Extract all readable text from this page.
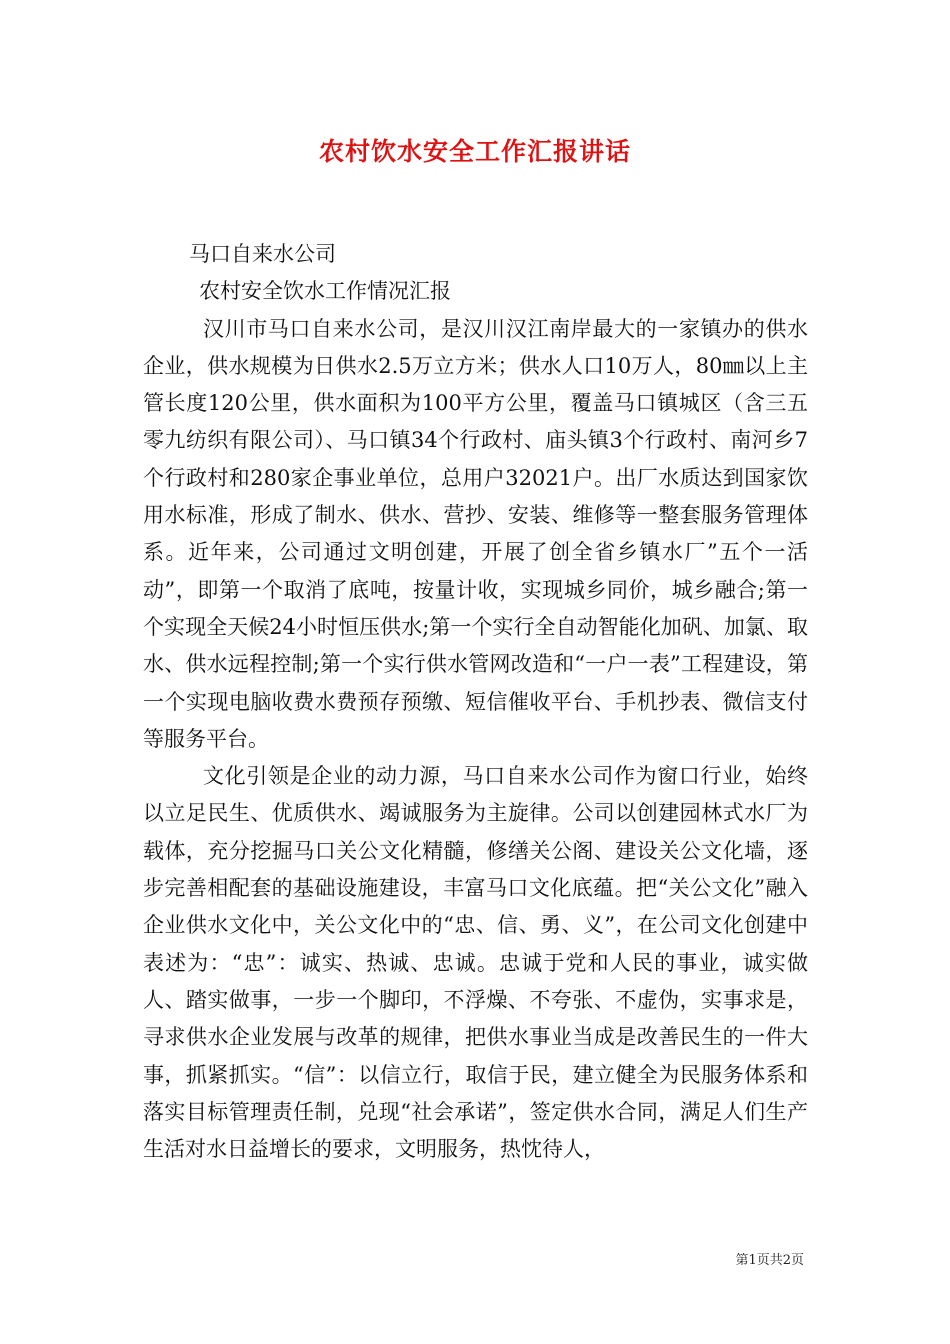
农村饮水安全工作汇报讲话

马口自来水公司

农村安全饮水工作情况汇报

汉川市马口自来水公司，是汉川汉江南岸最大的一家镇办的供水企业，供水规模为日供水2.5万立方米；供水人口10万人，80㎜以上主管长度120公里，供水面积为100平方公里，覆盖马口镇城区（含三五零九纺织有限公司）、马口镇34个行政村、庙头镇3个行政村、南河乡7个行政村和280家企事业单位，总用户32021户。出厂水质达到国家饮用水标准，形成了制水、供水、营抄、安装、维修等一整套服务管理体系。近年来，公司通过文明创建，开展了创全省乡镇水厂”五个一活动”，即第一个取消了底吨，按量计收，实现城乡同价，城乡融合;第一个实现全天候24小时恒压供水;第一个实行全自动智能化加矾、加氯、取水、供水远程控制;第一个实行供水管网改造和“一户一表”工程建设，第一个实现电脑收费水费预存预缴、短信催收平台、手机抄表、微信支付等服务平台。

文化引领是企业的动力源，马口自来水公司作为窗口行业，始终以立足民生、优质供水、竭诚服务为主旋律。公司以创建园林式水厂为载体，充分挖掘马口关公文化精髓，修缮关公阁、建设关公文化墙，逐步完善相配套的基础设施建设，丰富马口文化底蕴。把“关公文化”融入企业供水文化中，关公文化中的“忠、信、勇、义”，在公司文化创建中表述为：“忠”：诚实、热诚、忠诚。忠诚于党和人民的事业，诚实做人、踏实做事，一步一个脚印，不浮燥、不夸张、不虚伪，实事求是，寻求供水企业发展与改革的规律，把供水事业当成是改善民生的一件大事，抓紧抓实。“信”：以信立行，取信于民，建立健全为民服务体系和落实目标管理责任制，兑现“社会承诺”，签定供水合同，满足人们生产生活对水日益增长的要求，文明服务，热忱待人，

第1页共2页
